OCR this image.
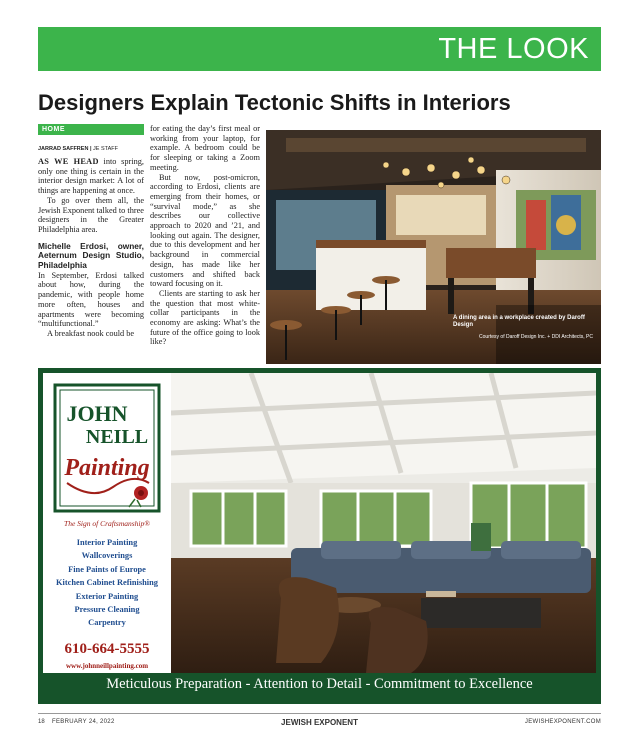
THE LOOK
Designers Explain Tectonic Shifts in Interiors
HOME
JARRAD SAFFREN | JE STAFF

AS WE HEAD into spring, only one thing is certain in the interior design market: A lot of things are happening at once.

To go over them all, the Jewish Exponent talked to three designers in the Greater Philadelphia area.

Michelle Erdosi, owner, Aeternum Design Studio, Philadelphia

In September, Erdosi talked about how, during the pandemic, with people home more often, houses and apartments were becoming “multifunctional.”

A breakfast nook could be

for eating the day’s first meal or working from your laptop, for example. A bedroom could be for sleeping or taking a Zoom meeting.

But now, post-omicron, according to Erdosi, clients are emerging from their homes, or “survival mode,” as she describes our collective approach to 2020 and ’21, and looking out again. The designer, due to this development and her background in commercial design, has made like her customers and shifted back toward focusing on it.

Clients are starting to ask her the question that most white-collar participants in the economy are asking: What’s the future of the office going to look like?

A dining area in a workplace created by Daroff Design
Courtesy of Daroff Design Inc. + DDI Architects, PC
JOHN
NEILL
Painting
The Sign of Craftsmanship®
Interior Painting
Wallcoverings
Fine Paints of Europe
Kitchen Cabinet Refinishing
Exterior Painting
Pressure Cleaning
Carpentry
610-664-5555
www.johnneillpainting.com
Meticulous Preparation - Attention to Detail - Commitment to Excellence
18 FEBRUARY 24, 2022	JEWISH EXPONENT	JEWISHEXPONENT.COM
